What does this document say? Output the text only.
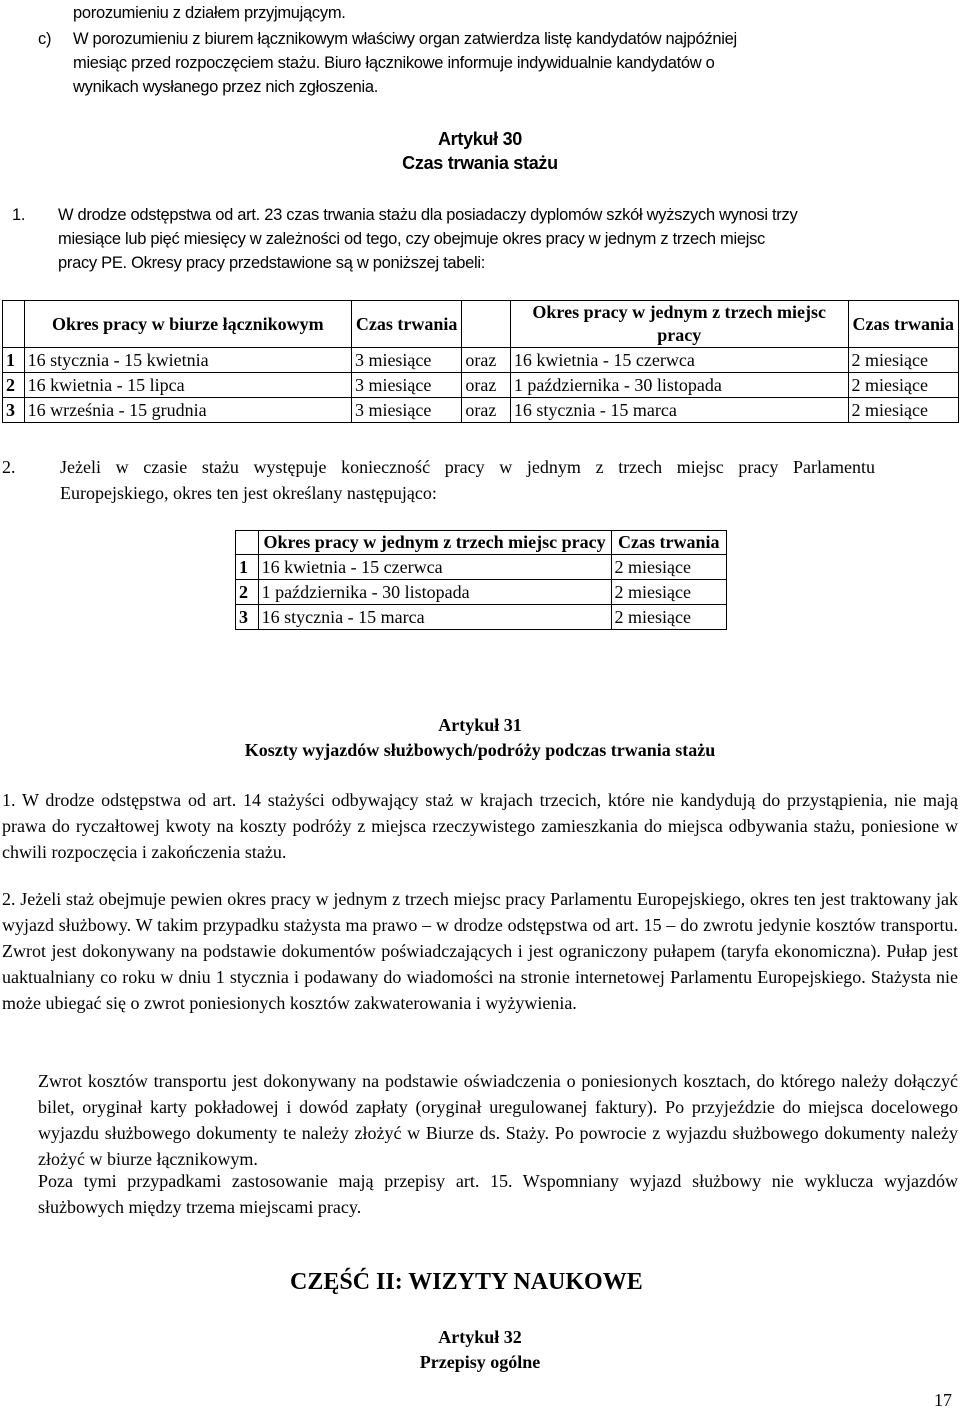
porozumieniu z działem przyjmującym.
c) W porozumieniu z biurem łącznikowym właściwy organ zatwierdza listę kandydatów najpóźniej
miesiąc przed rozpoczęciem stażu. Biuro łącznikowe informuje indywidualnie kandydatów o
wynikach wysłanego przez nich zgłoszenia.
Artykuł 30
Czas trwania stażu
1. W drodze odstępstwa od art. 23 czas trwania stażu dla posiadaczy dyplomów szkół wyższych wynosi trzy
miesiące lub pięć miesięcy w zależności od tego, czy obejmuje okres pracy w jednym z trzech miejsc
pracy PE. Okresy pracy przedstawione są w poniższej tabeli:
	Okres pracy w biurze łącznikowym	Czas trwania		Okres pracy w jednym z trzech miejsc pracy	Czas trwania
1	16 stycznia - 15 kwietnia	3 miesiące	oraz	16 kwietnia - 15 czerwca	2 miesiące
2	16 kwietnia - 15 lipca	3 miesiące	oraz	1 października - 30 listopada	2 miesiące
3	16 września - 15 grudnia	3 miesiące	oraz	16 stycznia - 15 marca	2 miesiące
2. Jeżeli w czasie stażu występuje konieczność pracy w jednym z trzech miejsc pracy Parlamentu
Europejskiego, okres ten jest określany następująco:
	Okres pracy w jednym z trzech miejsc pracy	Czas trwania
1	16 kwietnia - 15 czerwca	2 miesiące
2	1 października - 30 listopada	2 miesiące
3	16 stycznia - 15 marca	2 miesiące
Artykuł 31
Koszty wyjazdów służbowych/podróży podczas trwania stażu
1. W drodze odstępstwa od art. 14 stażyści odbywający staż w krajach trzecich, które nie kandydują do przystąpienia, nie mają prawa do ryczałtowej kwoty na koszty podróży z miejsca rzeczywistego zamieszkania do miejsca odbywania stażu, poniesione w chwili rozpoczęcia i zakończenia stażu.
2. Jeżeli staż obejmuje pewien okres pracy w jednym z trzech miejsc pracy Parlamentu Europejskiego, okres ten jest traktowany jak wyjazd służbowy. W takim przypadku stażysta ma prawo – w drodze odstępstwa od art. 15 – do zwrotu jedynie kosztów transportu. Zwrot jest dokonywany na podstawie dokumentów poświadczających i jest ograniczony pułapem (taryfa ekonomiczna). Pułap jest uaktualniany co roku w dniu 1 stycznia i podawany do wiadomości na stronie internetowej Parlamentu Europejskiego. Stażysta nie może ubiegać się o zwrot poniesionych kosztów zakwaterowania i wyżywienia.
Zwrot kosztów transportu jest dokonywany na podstawie oświadczenia o poniesionych kosztach, do którego należy dołączyć bilet, oryginał karty pokładowej i dowód zapłaty (oryginał uregulowanej faktury). Po przyjeździe do miejsca docelowego wyjazdu służbowego dokumenty te należy złożyć w Biurze ds. Staży. Po powrocie z wyjazdu służbowego dokumenty należy złożyć w biurze łącznikowym.
Poza tymi przypadkami zastosowanie mają przepisy art. 15. Wspomniany wyjazd służbowy nie wyklucza wyjazdów służbowych między trzema miejscami pracy.
CZĘŚĆ II: WIZYTY NAUKOWE
Artykuł 32
Przepisy ogólne
17
